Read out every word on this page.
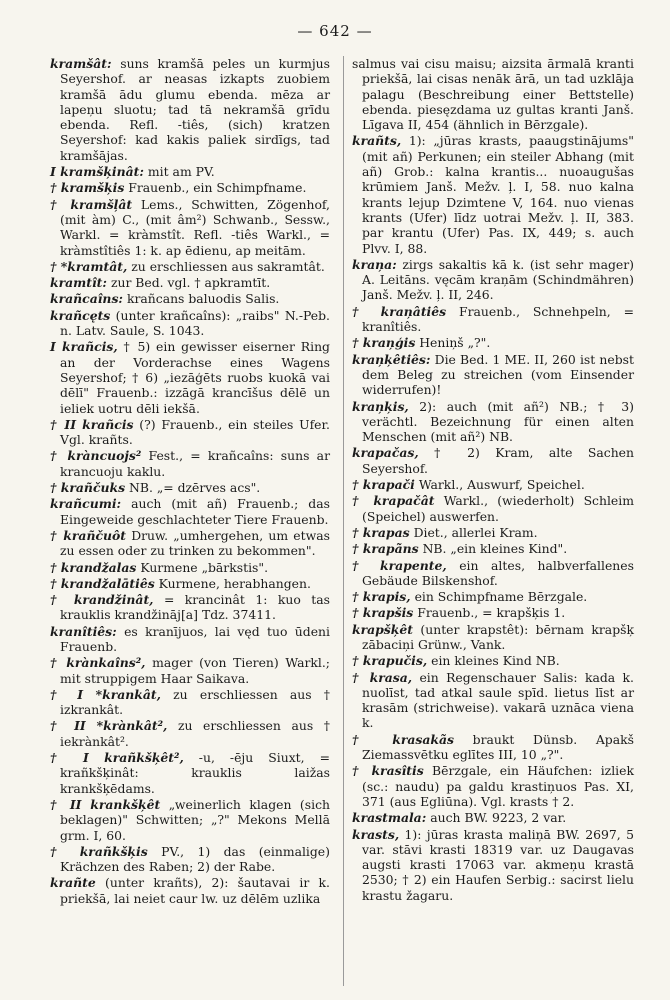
— 642 —
kramšât: suns kramšā peles un kurmjus Seyershof. ar neasas izkapts zuobiem kramšā ādu glumu ebenda. mēza ar lapeņu sluotu; tad tā nekramšā grīdu ebenda. Refl. -tiês, (sich) kratzen Seyershof: kad kakis paliek sirdīgs, tad kramšājas.
I kramšķinât: mit am PV.
† kramšķis Frauenb., ein Schimpfname.
† kramšļât Lems., Schwitten, Zögenhof, (mit àm) C., (mit âm²) Schwanb., Sessw., Warkl. = kràmstît. Refl. -tiês Warkl., = kràmstîtiês 1: k. ap ēdienu, ap meitām.
† *kramtât, zu erschliessen aus sakramtât.
kramtît: zur Bed. vgl. † apkramtīt.
krañcaîns: krañcans baluodis Salis.
krañcęts (unter krañcaîns): „raibs" N.-Peb. n. Latv. Saule, S. 1043.
I krañcis, † 5) ein gewisser eiserner Ring an der Vorderachse eines Wagens Seyershof; † 6) „iezāģēts ruobs kuokā vai dēlī" Frauenb.: izzāgā krancīšus dēlē un ieliek uotru dēli iekšā.
† II krañcis (?) Frauenb., ein steiles Ufer. Vgl. krañts.
† kràncuojs² Fest., = krañcaîns: suns ar krancuoju kaklu.
† krañčuks NB. „= dzērves acs".
krañcumi: auch (mit añ) Frauenb.; das Eingeweide geschlachteter Tiere Frauenb.
† krañčuôt Druw. „umhergehen, um etwas zu essen oder zu trinken zu bekommen".
† krandžalas Kurmene „bārkstis".
† krandžalātiês Kurmene, herabhangen.
† krandžinât, = krancinât 1: kuo tas krauklis krandžināj[a] Tdz. 37411.
kranîtiês: es kranījuos, lai vęd tuo ūdeni Frauenb.
† krànkaîns², mager (von Tieren) Warkl.; mit struppigem Haar Saikava.
† I *krankât, zu erschliessen aus † izkrankât.
† II *krànkât², zu erschliessen aus † iekrànkât².
† I krañkšķêt², -u, -ēju Siuxt, = krañkšķinât: krauklis laižas krankšķēdams.
† II krankšķêt „weinerlich klagen (sich beklagen)" Schwitten; „?" Mekons Mellā grm. I, 60.
† krañkšķis PV., 1) das (einmalige) Krächzen des Raben; 2) der Rabe.
krañte (unter krañts), 2): šautavai ir k. priekšā, lai neiet caur lw. uz dēlēm uzlika
salmus vai cisu maisu; aizsita ārmalā kranti priekšā, lai cisas nenāk ārā, un tad uzklāja palagu (Beschreibung einer Bettstelle) ebenda. piesęzdama uz gultas kranti Janš. Līgava II, 454 (ähnlich in Bērzgale).
krañts, 1): „jūras krasts, paaugstinājums" (mit añ) Perkunen; ein steiler Abhang (mit añ) Grob.: kalna krantis... nuoaugušas krūmiem Janš. Mežv. ļ. I, 58. nuo kalna krants lejup Dzimtene V, 164. nuo vienas krants (Ufer) līdz uotrai Mežv. ļ. II, 383. par krantu (Ufer) Pas. IX, 449; s. auch Plvv. I, 88.
kraņa: zirgs sakaltis kā k. (ist sehr mager) A. Leitāns. vęcām kraņām (Schindmähren) Janš. Mežv. ļ. II, 246.
† kraņâtiês Frauenb., Schnehpeln, = kranîtiês.
† kraņģis Heniņš „?".
kraņķêtiês: Die Bed. 1 ME. II, 260 ist nebst dem Beleg zu streichen (vom Einsender widerrufen)!
kraņķis, 2): auch (mit añ²) NB.; † 3) verächtl. Bezeichnung für einen alten Menschen (mit añ²) NB.
krapačas, † 2) Kram, alte Sachen Seyershof.
† krapači Warkl., Auswurf, Speichel.
† krapačât Warkl., (wiederholt) Schleim (Speichel) auswerfen.
† krapas Diet., allerlei Kram.
† krapãns NB. „ein kleines Kind".
† krapente, ein altes, halbverfallenes Gebäude Bilskenshof.
† krapis, ein Schimpfname Bērzgale.
† krapšis Frauenb., = krapšķis 1.
krapšķêt (unter krapstêt): bērnam krapšķ zābaciņi Grünw., Vank.
† krapučis, ein kleines Kind NB.
† krasa, ein Regenschauer Salis: kada k. nuolīst, tad atkal saule spīd. lietus līst ar krasām (strichweise). vakarā uznāca viena k.
† krasakãs braukt Dünsb. Apakš Ziemassvētku eglītes III, 10 „?".
† krasîtis Bērzgale, ein Häufchen: izliek (sc.: naudu) pa galdu krastiņuos Pas. XI, 371 (aus Egliūna). Vgl. krasts † 2.
krastmala: auch BW. 9223, 2 var.
krasts, 1): jūras krasta maliņā BW. 2697, 5 var. stāvi krasti 18319 var. uz Daugavas augsti krasti 17063 var. akmeņu krastā 2530; † 2) ein Haufen Serbig.: sacirst lielu krastu žagaru.
